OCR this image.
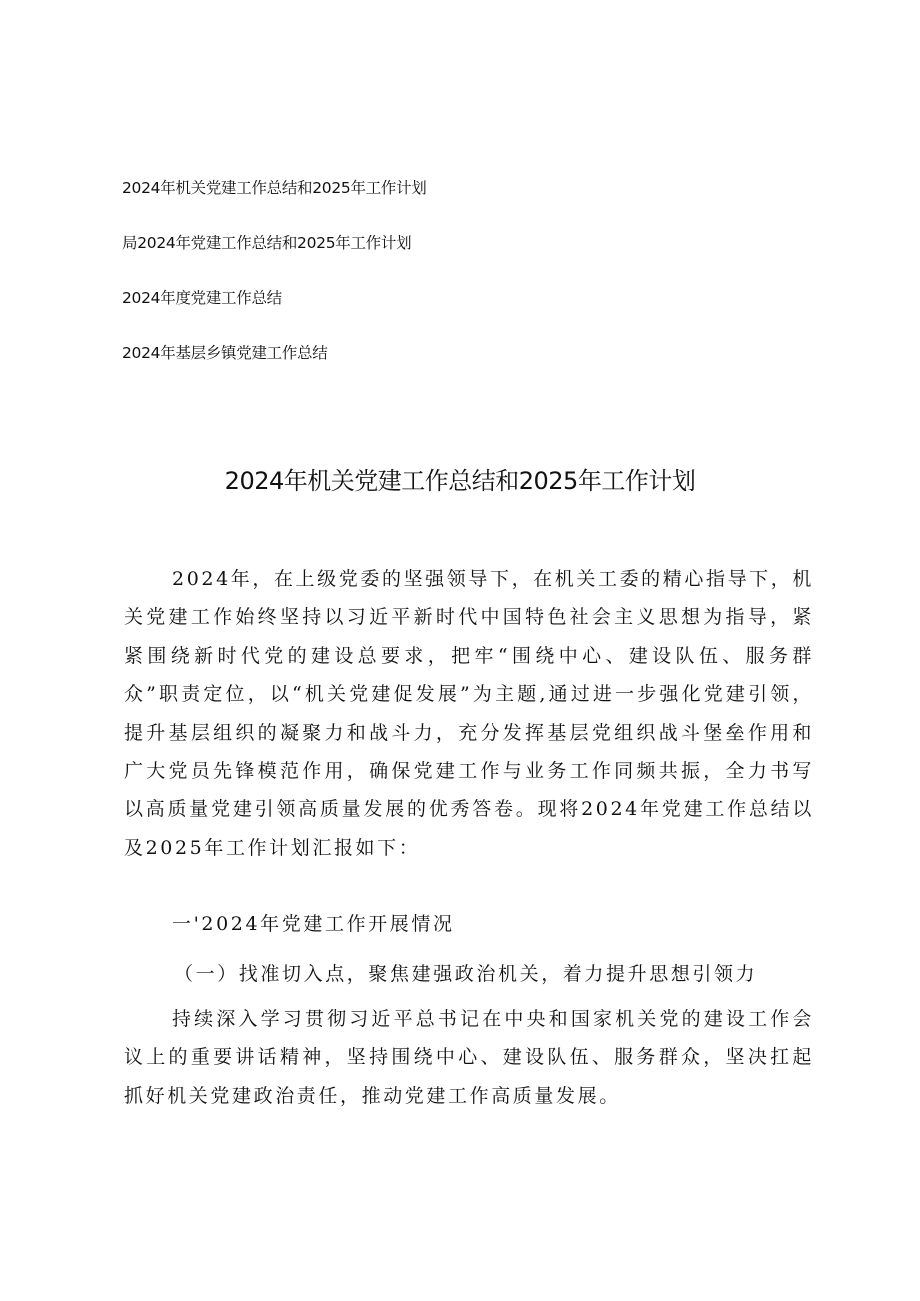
2024年机关党建工作总结和2025年工作计划
局2024年党建工作总结和2025年工作计划
2024年度党建工作总结
2024年基层乡镇党建工作总结
2024年机关党建工作总结和2025年工作计划
2024年，在上级党委的坚强领导下，在机关工委的精心指导下，机关党建工作始终坚持以习近平新时代中国特色社会主义思想为指导，紧紧围绕新时代党的建设总要求，把牢“围绕中心、建设队伍、服务群众”职责定位，以“机关党建促发展”为主题,通过进一步强化党建引领，提升基层组织的凝聚力和战斗力，充分发挥基层党组织战斗堡垒作用和广大党员先锋模范作用，确保党建工作与业务工作同频共振，全力书写以高质量党建引领高质量发展的优秀答卷。现将2024年党建工作总结以及2025年工作计划汇报如下：
一'2024年党建工作开展情况
（一）找准切入点，聚焦建强政治机关，着力提升思想引领力
持续深入学习贯彻习近平总书记在中央和国家机关党的建设工作会议上的重要讲话精神，坚持围绕中心、建设队伍、服务群众，坚决扛起抓好机关党建政治责任，推动党建工作高质量发展。
